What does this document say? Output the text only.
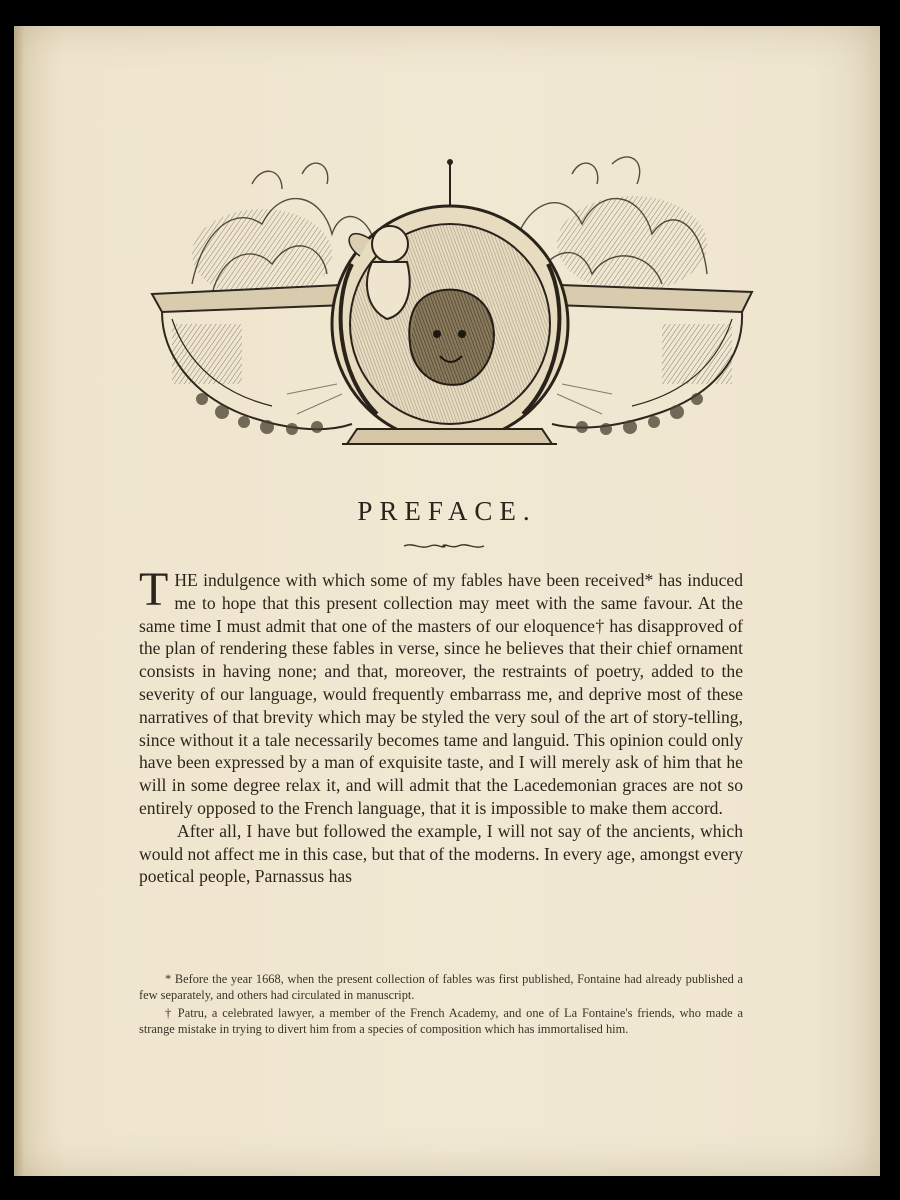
PREFACE.

THE indulgence with which some of my fables have been received* has induced me to hope that this present collection may meet with the same favour. At the same time I must admit that one of the masters of our eloquence† has disapproved of the plan of rendering these fables in verse, since he believes that their chief ornament consists in having none; and that, moreover, the restraints of poetry, added to the severity of our language, would frequently embarrass me, and deprive most of these narratives of that brevity which may be styled the very soul of the art of story-telling, since without it a tale necessarily becomes tame and languid. This opinion could only have been expressed by a man of exquisite taste, and I will merely ask of him that he will in some degree relax it, and will admit that the Lacedemonian graces are not so entirely opposed to the French language, that it is impossible to make them accord.

After all, I have but followed the example, I will not say of the ancients, which would not affect me in this case, but that of the moderns. In every age, amongst every poetical people, Parnassus has

* Before the year 1668, when the present collection of fables was first published, Fontaine had already published a few separately, and others had circulated in manuscript.

† Patru, a celebrated lawyer, a member of the French Academy, and one of La Fontaine's friends, who made a strange mistake in trying to divert him from a species of composition which has immortalised him.
